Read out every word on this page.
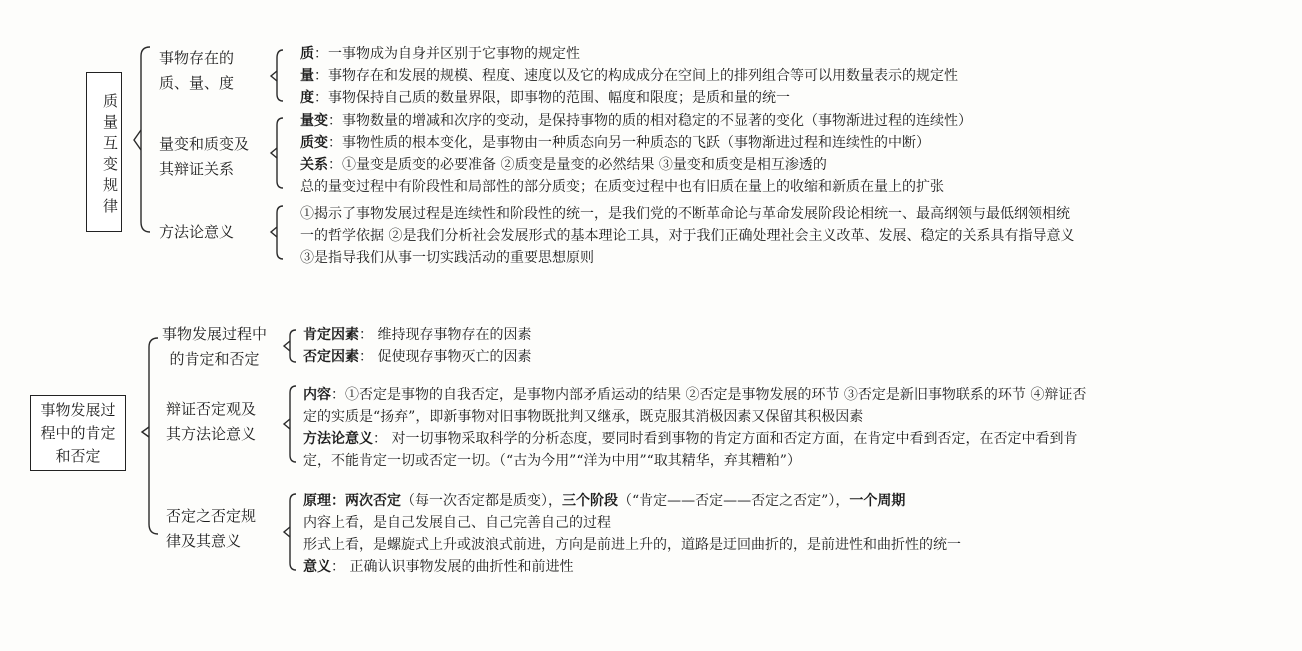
质量互变规律
事物存在的
质、量、度
质：一事物成为自身并区别于它事物的规定性
量：事物存在和发展的规模、程度、速度以及它的构成成分在空间上的排列组合等可以用数量表示的规定性
度：事物保持自己质的数量界限，即事物的范围、幅度和限度；是质和量的统一
量变和质变及
其辩证关系
量变：事物数量的增减和次序的变动，是保持事物的质的相对稳定的不显著的变化（事物渐进过程的连续性）
质变：事物性质的根本变化，是事物由一种质态向另一种质态的飞跃（事物渐进过程和连续性的中断）
关系：①量变是质变的必要准备 ②质变是量变的必然结果 ③量变和质变是相互渗透的
总的量变过程中有阶段性和局部性的部分质变；在质变过程中也有旧质在量上的收缩和新质在量上的扩张
方法论意义
①揭示了事物发展过程是连续性和阶段性的统一，是我们党的不断革命论与革命发展阶段论相统一、最高纲领与最低纲领相统
一的哲学依据 ②是我们分析社会发展形式的基本理论工具，对于我们正确处理社会主义改革、发展、稳定的关系具有指导意义
③是指导我们从事一切实践活动的重要思想原则
事物发展过
程中的肯定
和否定
事物发展过程中
的肯定和否定
肯定因素： 维持现存事物存在的因素
否定因素： 促使现存事物灭亡的因素
辩证否定观及
其方法论意义
内容：①否定是事物的自我否定，是事物内部矛盾运动的结果 ②否定是事物发展的环节 ③否定是新旧事物联系的环节 ④辩证否
定的实质是“扬弃”，即新事物对旧事物既批判又继承，既克服其消极因素又保留其积极因素
方法论意义： 对一切事物采取科学的分析态度，要同时看到事物的肯定方面和否定方面，在肯定中看到否定，在否定中看到肯
定，不能肯定一切或否定一切。（“古为今用”“洋为中用”“取其精华，弃其糟粕”）
否定之否定规
律及其意义
原理：两次否定（每一次否定都是质变），三个阶段（“肯定——否定——否定之否定”），一个周期
内容上看，是自己发展自己、自己完善自己的过程
形式上看，是螺旋式上升或波浪式前进，方向是前进上升的，道路是迂回曲折的，是前进性和曲折性的统一
意义： 正确认识事物发展的曲折性和前进性
